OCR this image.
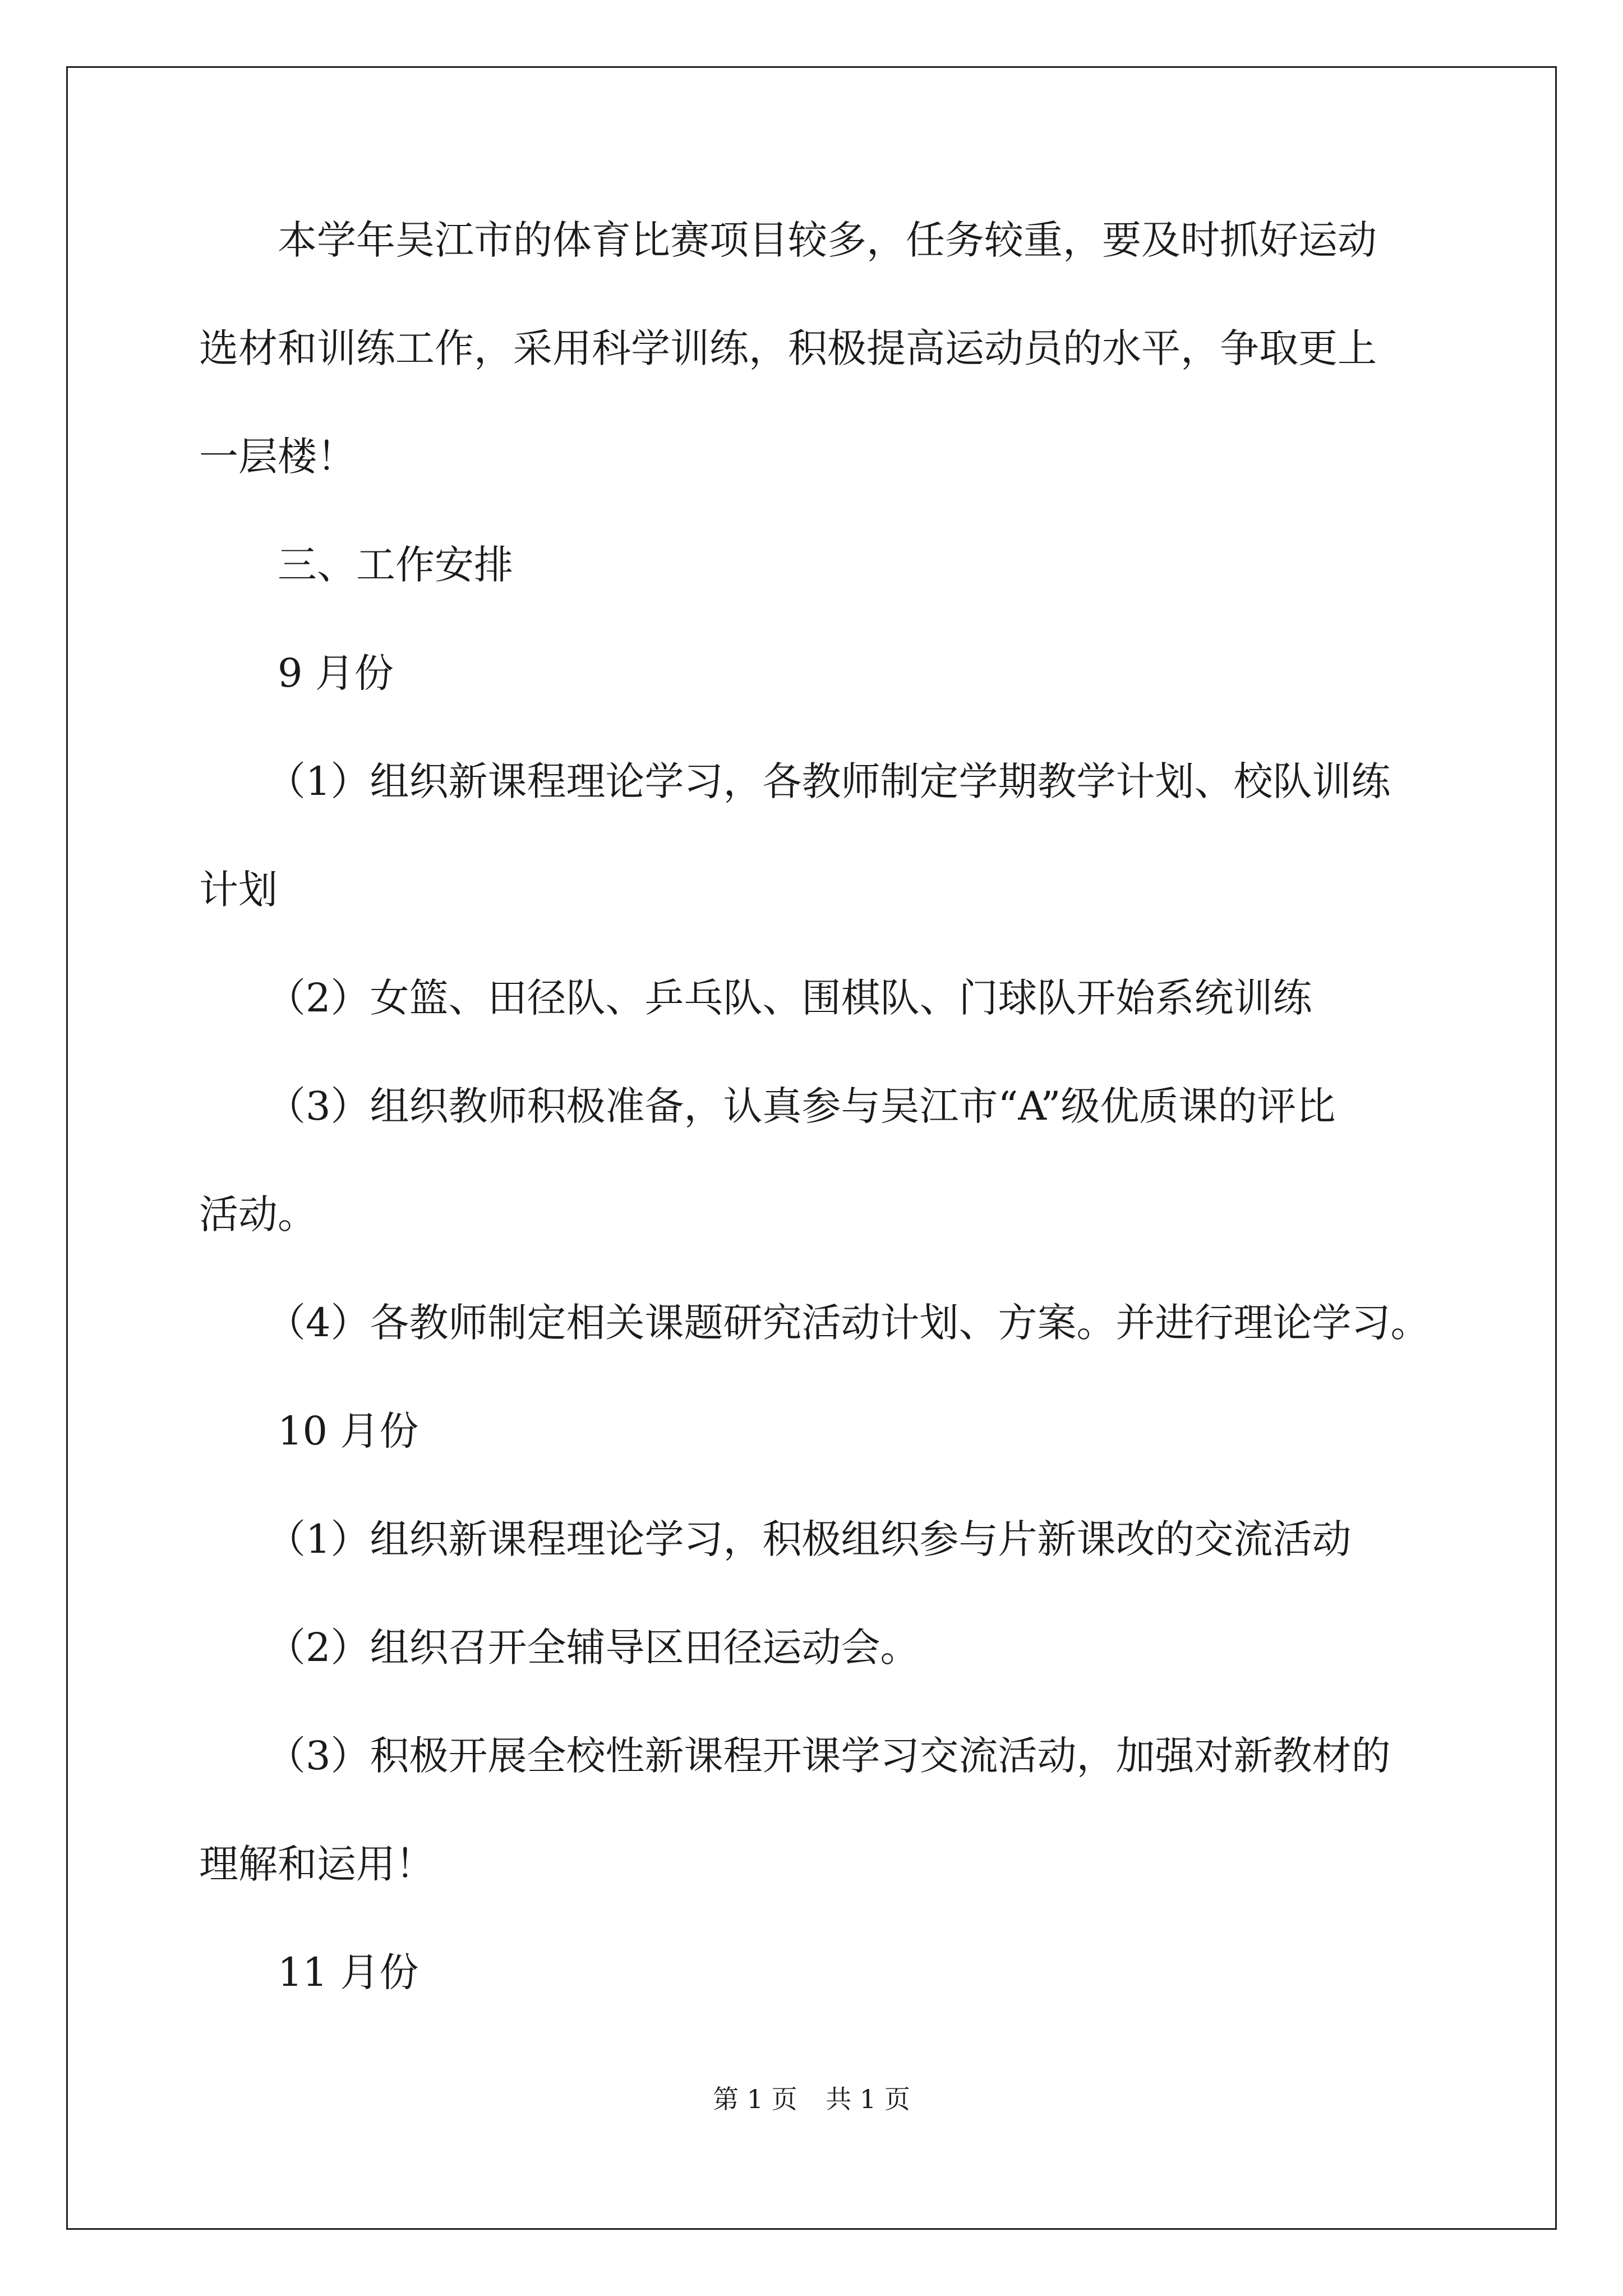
本学年吴江市的体育比赛项目较多，任务较重，要及时抓好运动

选材和训练工作，采用科学训练，积极提高运动员的水平，争取更上

一层楼！

三、工作安排

9 月份

（1）组织新课程理论学习，各教师制定学期教学计划、校队训练

计划

（2）女篮、田径队、乒乓队、围棋队、门球队开始系统训练

（3）组织教师积极准备，认真参与吴江市“A”级优质课的评比

活动。

（4）各教师制定相关课题研究活动计划、方案。并进行理论学习。

10 月份

（1）组织新课程理论学习，积极组织参与片新课改的交流活动

（2）组织召开全辅导区田径运动会。

（3）积极开展全校性新课程开课学习交流活动，加强对新教材的

理解和运用！

11 月份

第 1 页 共 1 页
